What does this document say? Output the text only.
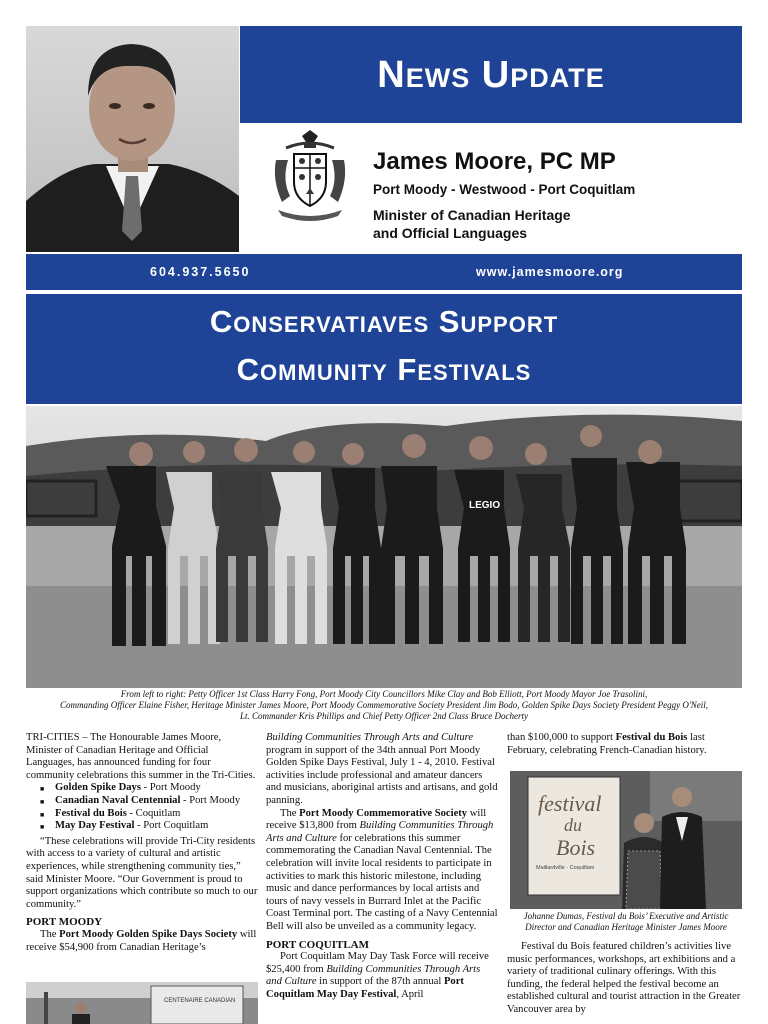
News Update
James Moore, PC MP
Port Moody - Westwood - Port Coquitlam
Minister of Canadian Heritage
and Official Languages
604.937.5650	www.jamesmoore.org
Conservatiaves Support
Community Festivals
LEGIO
From left to right: Petty Officer 1st Class Harry Fong, Port Moody City Councillors Mike Clay and Bob Elliott, Port Moody Mayor Joe Trasolini,
Commanding Officer Elaine Fisher, Heritage Minister James Moore, Port Moody Commemorative Society President Jim Bodo, Golden Spike Days Society President Peggy O'Neil,
Lt. Commander Kris Phillips and Chief Petty Officer 2nd Class Bruce Docherty

TRI-CITIES – The Honourable James Moore, Minister of Canadian Heritage and Official Languages, has announced funding for four community celebrations this summer in the Tri-Cities.

■ Golden Spike Days - Port Moody
■ Canadian Naval Centennial - Port Moody
■ Festival du Bois - Coquitlam
■ May Day Festival - Port Coquitlam

“These celebrations will provide Tri-City residents with access to a variety of cultural and artistic experiences, while strengthening community ties,” said Minister Moore. “Our Government is proud to support organizations which contribute so much to our community.”

PORT MOODY

The Port Moody Golden Spike Days Society will receive $54,900 from Canadian Heritage’s

CENTENAIRE CANADIAN

Building Communities Through Arts and Culture program in support of the 34th annual Port Moody Golden Spike Days Festival, July 1 - 4, 2010. Festival activities include professional and amateur dancers and musicians, aboriginal artists and artisans, and gold panning.

The Port Moody Commemorative Society will receive $13,800 from Building Communities Through Arts and Culture for celebrations this summer commemorating the Canadian Naval Centennial. The celebration will invite local residents to participate in activities to mark this historic milestone, including music and dance performances by local artists and tours of navy vessels in Burrard Inlet at the Pacific Coast Terminal port. The casting of a Navy Centennial Bell will also be unveiled as a community legacy.

PORT COQUITLAM

Port Coquitlam May Day Task Force will receive $25,400 from Building Communities Through Arts and Culture in support of the 87th annual Port Coquitlam May Day Festival, April

than $100,000 to support Festival du Bois last February, celebrating French-Canadian history.

festival
du
Bois
Maillardville · Coquitlam
Johanne Dumas, Festival du Bois’ Executive and Artistic Director and Canadian Heritage Minister James Moore

Festival du Bois featured children’s activities live music performances, workshops, art exhibitions and a variety of traditional culinary offerings. With this funding, the federal helped the festival become an established cultural and tourist attraction in the Greater Vancouver area by
